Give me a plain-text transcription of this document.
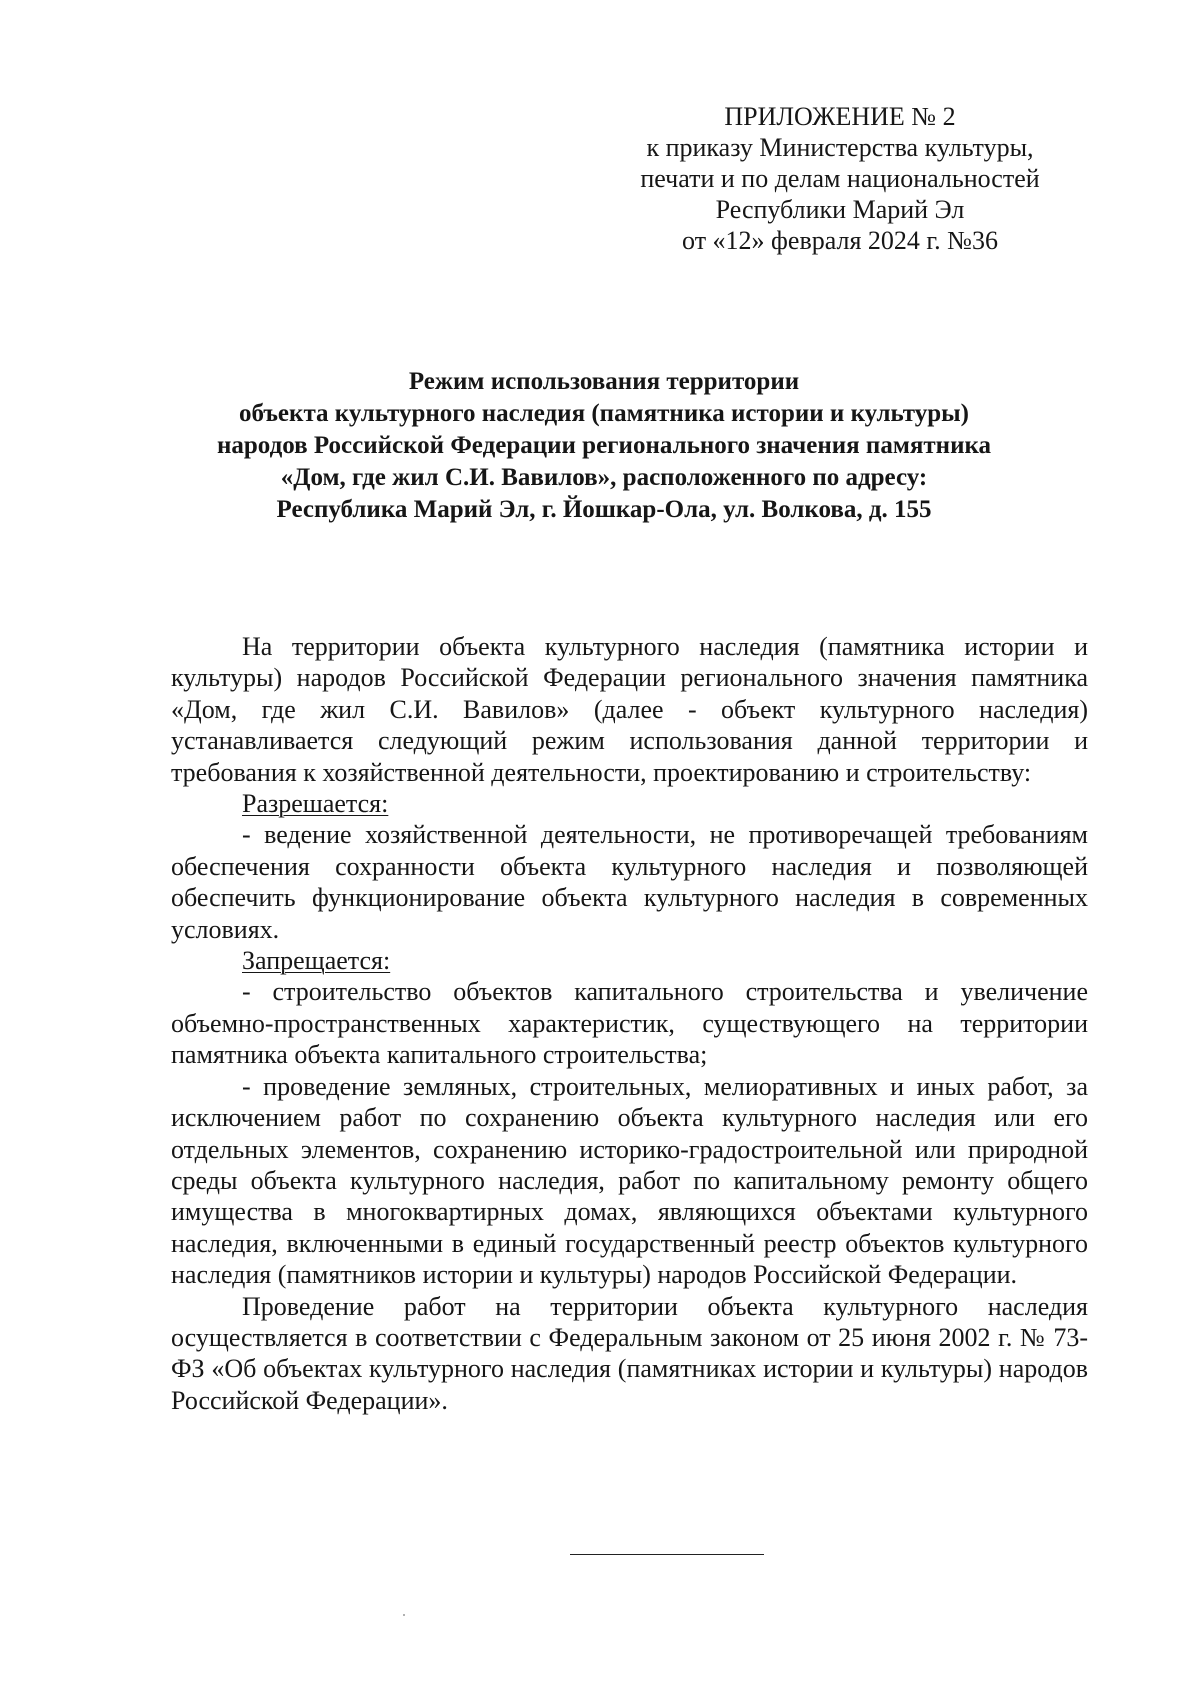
ПРИЛОЖЕНИЕ № 2
к приказу Министерства культуры,
печати и по делам национальностей
Республики Марий Эл
от «12» февраля 2024 г. №36
Режим использования территории
объекта культурного наследия (памятника истории и культуры)
народов Российской Федерации регионального значения памятника
«Дом, где жил С.И. Вавилов», расположенного по адресу:
Республика Марий Эл, г. Йошкар-Ола, ул. Волкова, д. 155

На территории объекта культурного наследия (памятника истории и культуры) народов Российской Федерации регионального значения памятника «Дом, где жил С.И. Вавилов» (далее - объект культурного наследия) устанавливается следующий режим использования данной территории и требования к хозяйственной деятельности, проектированию и строительству:

Разрешается:

- ведение хозяйственной деятельности, не противоречащей требованиям обеспечения сохранности объекта культурного наследия и позволяющей обеспечить функционирование объекта культурного наследия в современных условиях.

Запрещается:

- строительство объектов капитального строительства и увеличение объемно-пространственных характеристик, существующего на территории памятника объекта капитального строительства;

- проведение земляных, строительных, мелиоративных и иных работ, за исключением работ по сохранению объекта культурного наследия или его отдельных элементов, сохранению историко-градостроительной или природной среды объекта культурного наследия, работ по капитальному ремонту общего имущества в многоквартирных домах, являющихся объектами культурного наследия, включенными в единый государственный реестр объектов культурного наследия (памятников истории и культуры) народов Российской Федерации.

Проведение работ на территории объекта культурного наследия осуществляется в соответствии с Федеральным законом от 25 июня 2002 г. № 73-ФЗ «Об объектах культурного наследия (памятниках истории и культуры) народов Российской Федерации».
